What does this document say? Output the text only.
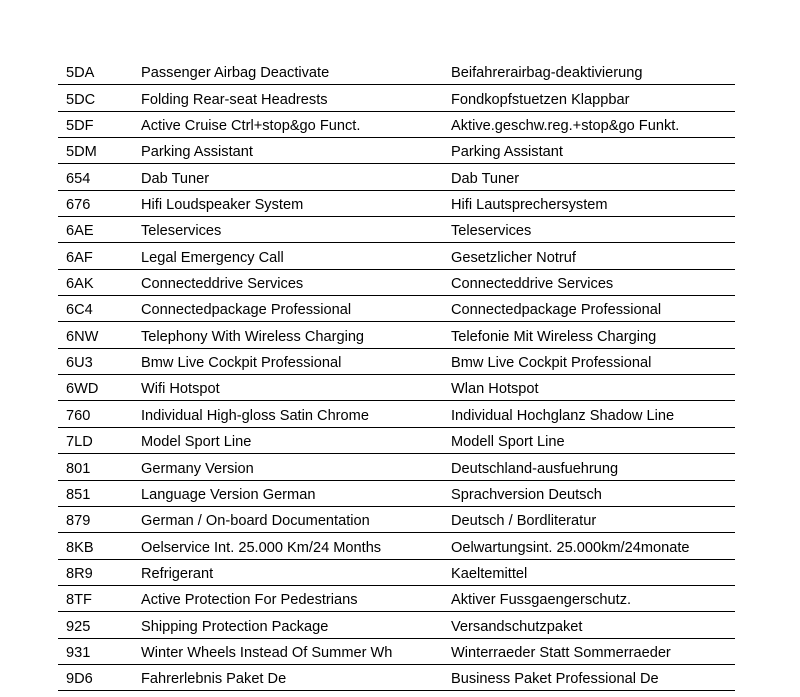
5DA	Passenger Airbag Deactivate	Beifahrerairbag-deaktivierung
5DC	Folding Rear-seat Headrests	Fondkopfstuetzen Klappbar
5DF	Active Cruise Ctrl+stop&go Funct.	Aktive.geschw.reg.+stop&go Funkt.
5DM	Parking Assistant	Parking Assistant
654	Dab Tuner	Dab Tuner
676	Hifi Loudspeaker System	Hifi Lautsprechersystem
6AE	Teleservices	Teleservices
6AF	Legal Emergency Call	Gesetzlicher Notruf
6AK	Connecteddrive Services	Connecteddrive Services
6C4	Connectedpackage Professional	Connectedpackage Professional
6NW	Telephony With Wireless Charging	Telefonie Mit Wireless Charging
6U3	Bmw Live Cockpit Professional	Bmw Live Cockpit Professional
6WD	Wifi Hotspot	Wlan Hotspot
760	Individual High-gloss Satin Chrome	Individual Hochglanz Shadow Line
7LD	Model Sport Line	Modell Sport Line
801	Germany Version	Deutschland-ausfuehrung
851	Language Version German	Sprachversion Deutsch
879	German / On-board Documentation	Deutsch / Bordliteratur
8KB	Oelservice Int. 25.000 Km/24 Months	Oelwartungsint. 25.000km/24monate
8R9	Refrigerant	Kaeltemittel
8TF	Active Protection For Pedestrians	Aktiver Fussgaengerschutz.
925	Shipping Protection Package	Versandschutzpaket
931	Winter Wheels Instead Of Summer Wh	Winterraeder Statt Sommerraeder
9D6	Fahrerlebnis Paket De	Business Paket Professional De
